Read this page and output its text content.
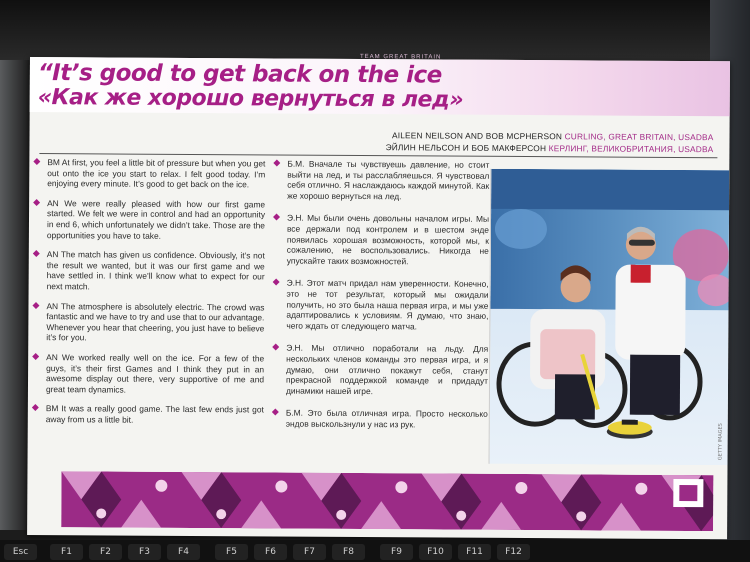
TEAM GREAT BRITAIN
“It’s good to get back on the ice
«Как же хорошо вернуться в лед»
AILEEN NEILSON AND BOB MCPHERSON CURLING, GREAT BRITAIN, USADBA
ЭЙЛИН НЕЛЬСОН И БОБ МАКФЕРСОН КЕРЛИНГ, ВЕЛИКОБРИТАНИЯ, USADBA
BM At first, you feel a little bit of pressure but when you get out onto the ice you start to relax. I felt good today. I’m enjoying every minute. It’s good to get back on the ice.
AN We were really pleased with how our first game started. We felt we were in control and had an opportunity in end 6, which unfortunately we didn’t take. Those are the opportunities you have to take.
AN The match has given us confidence. Obviously, it’s not the result we wanted, but it was our first game and we have settled in. I think we’ll know what to expect for our next match.
AN The atmosphere is absolutely electric. The crowd was fantastic and we have to try and use that to our advantage. Whenever you hear that cheering, you just have to believe it’s for you.
AN We worked really well on the ice. For a few of the guys, it’s their first Games and I think they put in an awesome display out there, very supportive of me and great team dynamics.
BM It was a really good game. The last few ends just got away from us a little bit.
Б.М. Вначале ты чувствуешь давление, но стоит выйти на лед, и ты расслабляешься. Я чувствовал себя отлично. Я наслаждаюсь каждой минутой. Как же хорошо вернуться на лед.
Э.Н. Мы были очень довольны началом игры. Мы все держали под контролем и в шестом энде появилась хорошая возможность, которой мы, к сожалению, не воспользовались. Никогда не упускайте таких возможностей.
Э.Н. Этот матч придал нам уверенности. Конечно, это не тот результат, который мы ожидали получить, но это была наша первая игра, и мы уже адаптировались к условиям. Я думаю, что знаю, чего ждать от следующего матча.
Э.Н. Мы отлично поработали на льду. Для нескольких членов команды это первая игра, и я думаю, они отлично покажут себя, станут прекрасной поддержкой команде и придадут динамики нашей игре.
Б.М. Это была отличная игра. Просто несколько эндов выскользнули у нас из рук.	GETTY IMAGES
Esc	F1	F2	F3	F4	F5	F6	F7	F8	F9	F10	F11	F12
